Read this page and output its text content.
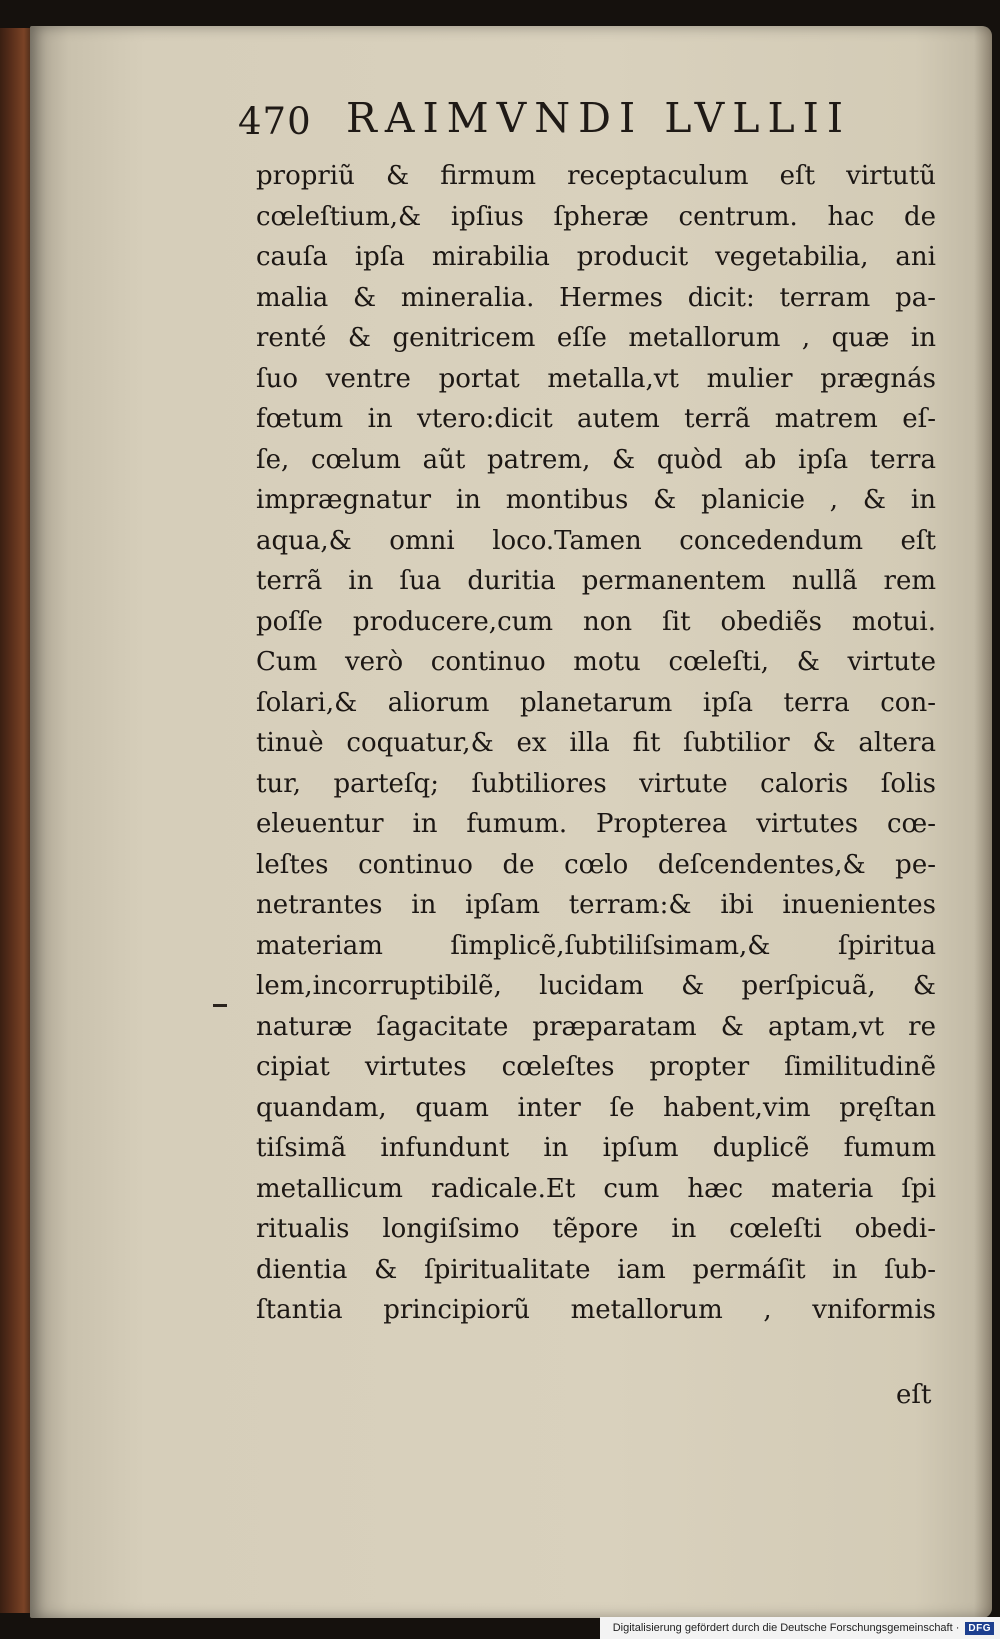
470 RAIMVNDI LVLLII
propriũ & firmum receptaculum eſt virtutũ
cœleſtium,& ipſius ſpheræ centrum. hac de
cauſa ipſa mirabilia producit vegetabilia, ani
malia & mineralia. Hermes dicit: terram pa-
renté & genitricem eſſe metallorum , quæ in
ſuo ventre portat metalla,vt mulier prægnás
fœtum in vtero:dicit autem terrã matrem eſ-
ſe, cœlum aũt patrem, & quòd ab ipſa terra
imprægnatur in montibus & planicie , & in
aqua,& omni loco.Tamen concedendum eſt
terrã in ſua duritia permanentem nullã rem
poſſe producere,cum non ſit obediẽs motui.
Cum verò continuo motu cœleſti, & virtute
ſolari,& aliorum planetarum ipſa terra con-
tinuè coquatur,& ex illa fit ſubtilior & altera
tur, parteſq; ſubtiliores virtute caloris ſolis
eleuentur in fumum. Propterea virtutes cœ-
leſtes continuo de cœlo deſcendentes,& pe-
netrantes in ipſam terram:& ibi inuenientes
materiam ſimplicẽ,ſubtiliſsimam,& ſpiritua
lem,incorruptibilẽ, lucidam & perſpicuã, &
naturæ ſagacitate præparatam & aptam,vt re
cipiat virtutes cœleſtes propter ſimilitudinẽ
quandam, quam inter ſe habent,vim pręſtan
tiſsimã infundunt in ipſum duplicẽ fumum
metallicum radicale.Et cum hæc materia ſpi
ritualis longiſsimo tẽpore in cœleſti obedi-
dientia & ſpiritualitate iam permáſit in ſub-
ſtantia principiorũ metallorum , vniformis
eſt
Digitalisierung gefördert durch die Deutsche Forschungsgemeinschaft · DFG
